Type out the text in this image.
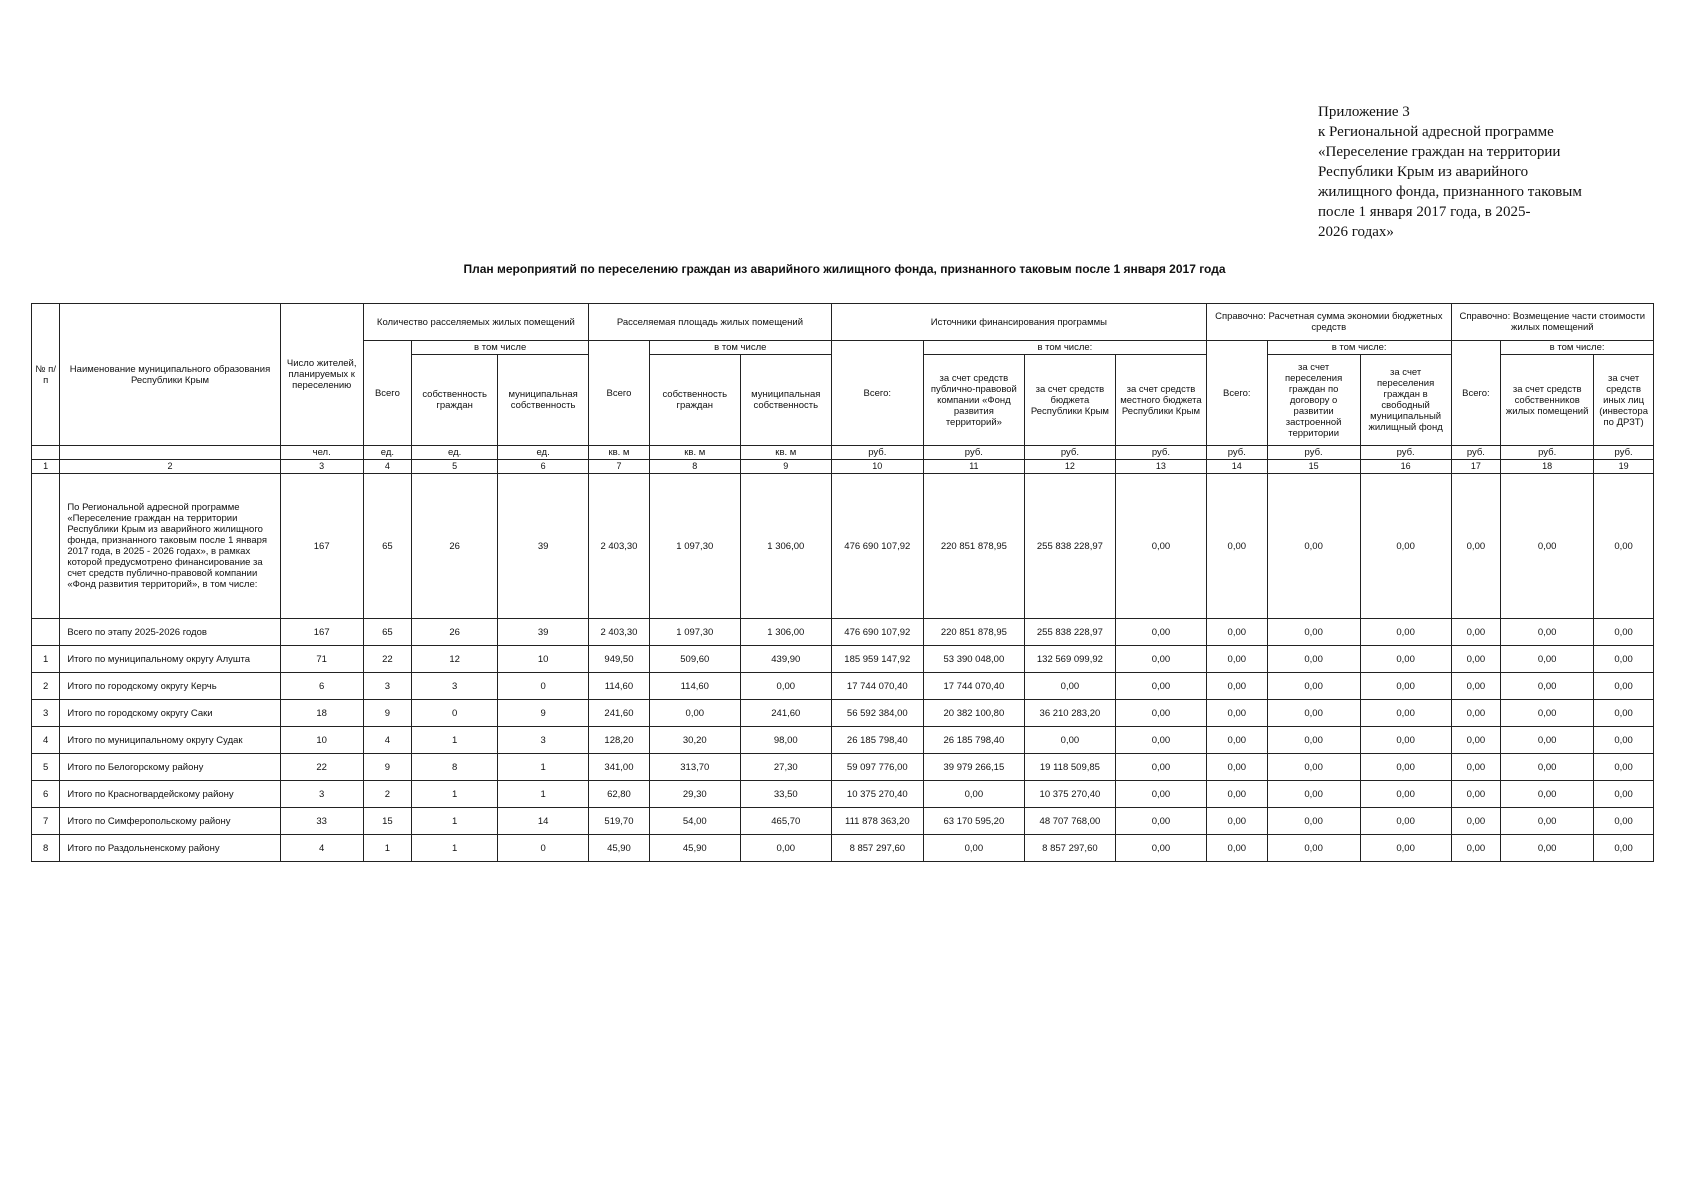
Приложение 3
к Региональной адресной программе
«Переселение граждан на территории
Республики Крым из аварийного
жилищного фонда, признанного таковым
после 1 января 2017 года, в 2025-
2026 годах»
План мероприятий по переселению граждан из аварийного жилищного фонда, признанного таковым после 1 января 2017 года
№ п/ п	Наименование муниципального образования Республики Крым	Число жителей, планируемых к переселению	Количество расселяемых жилых помещений			Расселяемая площадь жилых помещений			Источники финансирования программы				Справочно: Расчетная сумма экономии бюджетных средств			Справочно: Возмещение части стоимости жилых помещений		
			Всего	в том числе		Всего	в том числе		Всего:	в том числе:			Всего:	в том числе:		Всего:	в том числе:	
				собственность граждан	муниципальная собственность		собственность граждан	муниципальная собственность		за счет средств публично-правовой компании «Фонд развития территорий»	за счет средств бюджета Республики Крым	за счет средств местного бюджета Республики Крым		за счет переселения граждан по договору о развитии застроенной территории	за счет переселения граждан в свободный муниципальный жилищный фонд		за счет средств собственников жилых помещений	за счет средств иных лиц (инвестора по ДРЗТ)
		чел.	ед.	ед.	ед.	кв. м	кв. м	кв. м	руб.	руб.	руб.	руб.	руб.	руб.	руб.	руб.	руб.	руб.
1	2	3	4	5	6	7	8	9	10	11	12	13	14	15	16	17	18	19
	По Региональной адресной программе «Переселение граждан на территории Республики Крым из аварийного жилищного фонда, признанного таковым после 1 января 2017 года, в 2025 - 2026 годах», в рамках которой предусмотрено финансирование за счет средств публично-правовой компании «Фонд развития территорий», в том числе:	167	65	26	39	2 403,30	1 097,30	1 306,00	476 690 107,92	220 851 878,95	255 838 228,97	0,00	0,00	0,00	0,00	0,00	0,00	0,00
	Всего по этапу 2025-2026 годов	167	65	26	39	2 403,30	1 097,30	1 306,00	476 690 107,92	220 851 878,95	255 838 228,97	0,00	0,00	0,00	0,00	0,00	0,00	0,00
1	Итого по муниципальному округу Алушта	71	22	12	10	949,50	509,60	439,90	185 959 147,92	53 390 048,00	132 569 099,92	0,00	0,00	0,00	0,00	0,00	0,00	0,00
2	Итого по городскому округу Керчь	6	3	3	0	114,60	114,60	0,00	17 744 070,40	17 744 070,40	0,00	0,00	0,00	0,00	0,00	0,00	0,00	0,00
3	Итого по городскому округу Саки	18	9	0	9	241,60	0,00	241,60	56 592 384,00	20 382 100,80	36 210 283,20	0,00	0,00	0,00	0,00	0,00	0,00	0,00
4	Итого по муниципальному округу Судак	10	4	1	3	128,20	30,20	98,00	26 185 798,40	26 185 798,40	0,00	0,00	0,00	0,00	0,00	0,00	0,00	0,00
5	Итого по Белогорскому району	22	9	8	1	341,00	313,70	27,30	59 097 776,00	39 979 266,15	19 118 509,85	0,00	0,00	0,00	0,00	0,00	0,00	0,00
6	Итого по Красногвардейскому району	3	2	1	1	62,80	29,30	33,50	10 375 270,40	0,00	10 375 270,40	0,00	0,00	0,00	0,00	0,00	0,00	0,00
7	Итого по Симферопольскому району	33	15	1	14	519,70	54,00	465,70	111 878 363,20	63 170 595,20	48 707 768,00	0,00	0,00	0,00	0,00	0,00	0,00	0,00
8	Итого по Раздольненскому району	4	1	1	0	45,90	45,90	0,00	8 857 297,60	0,00	8 857 297,60	0,00	0,00	0,00	0,00	0,00	0,00	0,00
